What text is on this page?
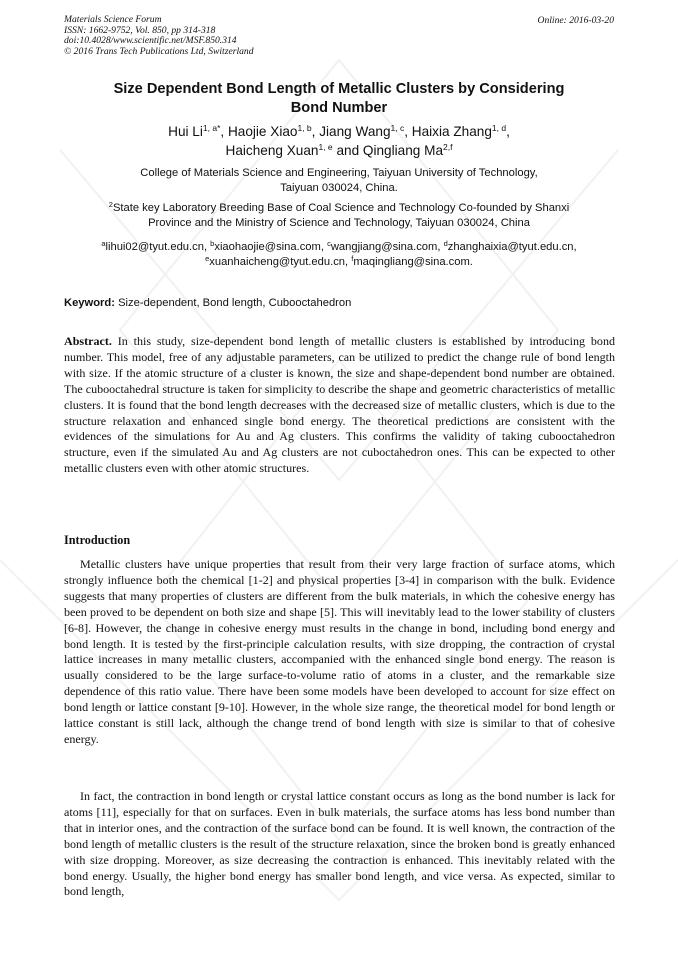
Materials Science Forum
ISSN: 1662-9752, Vol. 850, pp 314-318
doi:10.4028/www.scientific.net/MSF.850.314
© 2016 Trans Tech Publications Ltd, Switzerland
Online: 2016-03-20
Size Dependent Bond Length of Metallic Clusters by Considering
Bond Number
Hui $Li^{1, a*}$, Haojie Xiao$^{1, b}$, Jiang Wang$^{1, c}$, Haixia Zhang$^{1, d}$,
Haicheng Xuan$^{1, e}$ and Qingliang Ma$^{2,f}$
College of Materials Science and Engineering, Taiyuan University of Technology,
Taiyuan 030024, China.
$^2$State key Laboratory Breeding Base of Coal Science and Technology Co-founded by Shanxi
Province and the Ministry of Science and Technology, Taiyuan 030024, China
$^a$lihui02@tyut.edu.cn, $^b$xiaohaojie@sina.com, $^c$wangjiang@sina.com, $^d$zhanghaixia@tyut.edu.cn,
$^e$xuanhaicheng@tyut.edu.cn, $^f$maqingliang@sina.com.
Keyword: Size-dependent, Bond length, Cubooctahedron

Abstract. In this study, size-dependent bond length of metallic clusters is established by introducing bond number. This model, free of any adjustable parameters, can be utilized to predict the change rule of bond length with size. If the atomic structure of a cluster is known, the size and shape-dependent bond number are obtained. The cubooctahedral structure is taken for simplicity to describe the shape and geometric characteristics of metallic clusters. It is found that the bond length decreases with the decreased size of metallic clusters, which is due to the structure relaxation and enhanced single bond energy. The theoretical predictions are consistent with the evidences of the simulations for Au and Ag clusters. This confirms the validity of taking cubooctahedron structure, even if the simulated Au and Ag clusters are not cuboctahedron ones. This can be expected to other metallic clusters even with other atomic structures.

Introduction

Metallic clusters have unique properties that result from their very large fraction of surface atoms, which strongly influence both the chemical [1-2] and physical properties [3-4] in comparison with the bulk. Evidence suggests that many properties of clusters are different from the bulk materials, in which the cohesive energy has been proved to be dependent on both size and shape [5]. This will inevitably lead to the lower stability of clusters [6-8]. However, the change in cohesive energy must results in the change in bond, including bond energy and bond length. It is tested by the first-principle calculation results, with size dropping, the contraction of crystal lattice increases in many metallic clusters, accompanied with the enhanced single bond energy. The reason is usually considered to be the large surface-to-volume ratio of atoms in a cluster, and the remarkable size dependence of this ratio value. There have been some models have been developed to account for size effect on bond length or lattice constant [9-10]. However, in the whole size range, the theoretical model for bond length or lattice constant is still lack, although the change trend of bond length with size is similar to that of cohesive energy.

In fact, the contraction in bond length or crystal lattice constant occurs as long as the bond number is lack for atoms [11], especially for that on surfaces. Even in bulk materials, the surface atoms has less bond number than that in interior ones, and the contraction of the surface bond can be found. It is well known, the contraction of the bond length of metallic clusters is the result of the structure relaxation, since the broken bond is greatly enhanced with size dropping. Moreover, as size decreasing the contraction is enhanced. This inevitably related with the bond energy. Usually, the higher bond energy has smaller bond length, and vice versa. As expected, similar to bond length,
